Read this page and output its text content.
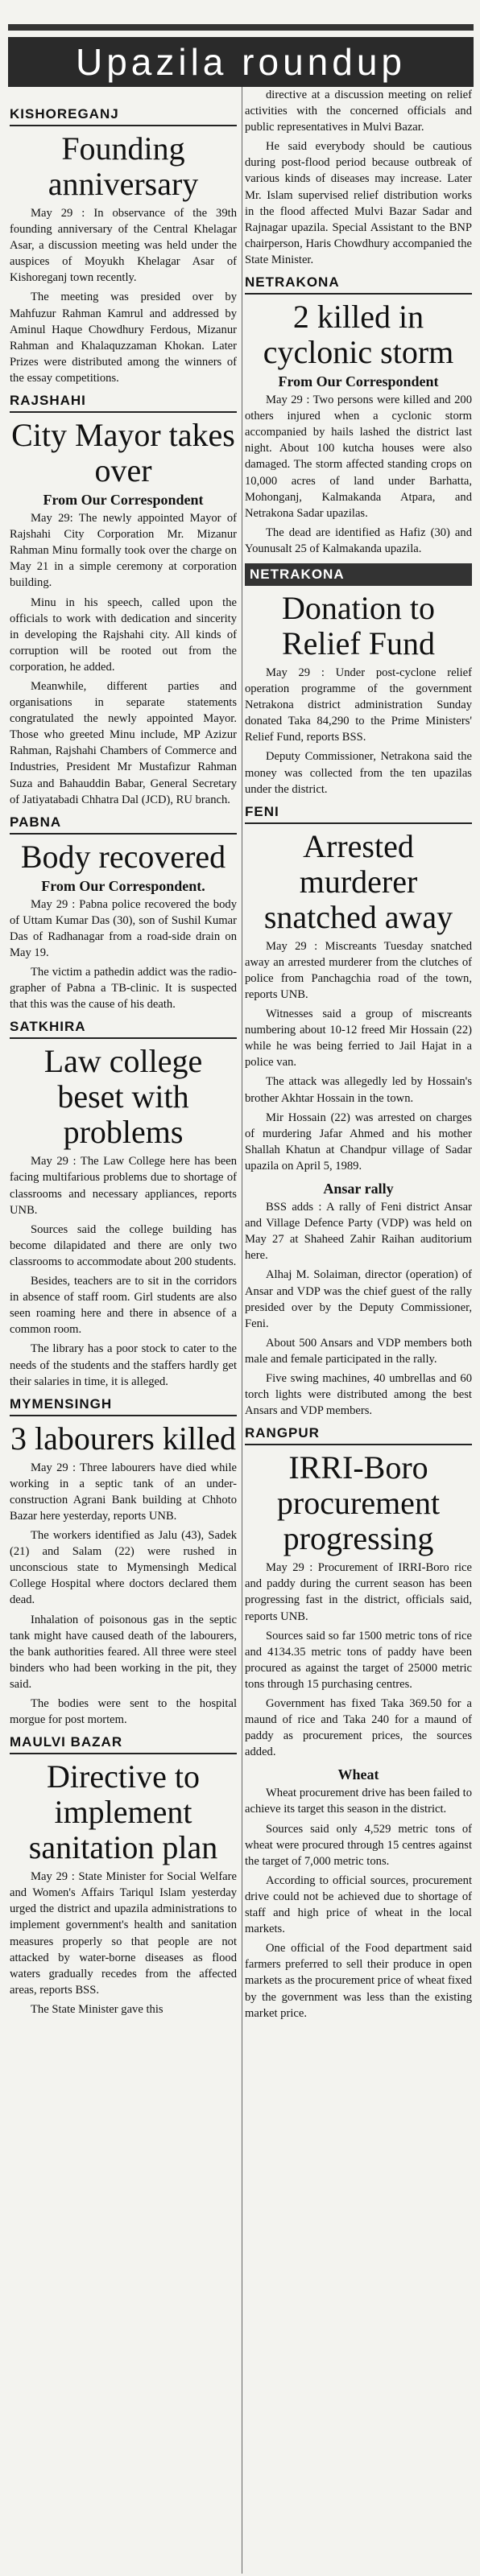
Upazila roundup
KISHOREGANJ
Founding anniversary

May 29 : In observance of the 39th founding anniversary of the Central Khelagar Asar, a discussion meeting was held under the auspices of Moyukh Khelagar Asar of Kishoreganj town recently.

The meeting was presided over by Mahfuzur Rahman Kamrul and addressed by Aminul Haque Chowdhury Ferdous, Mizanur Rahman and Khalaquzzaman Khokan. Later Prizes were distributed among the winners of the essay competitions.

RAJSHAHI
City Mayor takes over
From Our Correspondent

May 29: The newly appointed Mayor of Rajshahi City Corporation Mr. Mizanur Rahman Minu formally took over the charge on May 21 in a simple ceremony at corporation building.

Minu in his speech, called upon the officials to work with dedication and sincerity in developing the Rajshahi city. All kinds of corruption will be rooted out from the corporation, he added.

Meanwhile, different parties and organisations in separate statements congratulated the newly appointed Mayor. Those who greeted Minu include, MP Azizur Rahman, Rajshahi Chambers of Commerce and Industries, President Mr Mustafizur Rahman Suza and Bahauddin Babar, General Secretary of Jatiyatabadi Chhatra Dal (JCD), RU branch.

PABNA
Body recovered
From Our Correspondent.

May 29 : Pabna police recovered the body of Uttam Kumar Das (30), son of Sushil Kumar Das of Radhanagar from a road-side drain on May 19.

The victim a pathedin addict was the radio-grapher of Pabna a TB-clinic. It is suspected that this was the cause of his death.

SATKHIRA
Law college beset with problems

May 29 : The Law College here has been facing multifarious problems due to shortage of classrooms and necessary appliances, reports UNB.

Sources said the college building has become dilapidated and there are only two classrooms to accommodate about 200 students.

Besides, teachers are to sit in the corridors in absence of staff room. Girl students are also seen roaming here and there in absence of a common room.

The library has a poor stock to cater to the needs of the students and the staffers hardly get their salaries in time, it is alleged.

MYMENSINGH
3 labourers killed

May 29 : Three labourers have died while working in a septic tank of an under-construction Agrani Bank building at Chhoto Bazar here yesterday, reports UNB.

The workers identified as Jalu (43), Sadek (21) and Salam (22) were rushed in unconscious state to Mymensingh Medical College Hospital where doctors declared them dead.

Inhalation of poisonous gas in the septic tank might have caused death of the labourers, the bank authorities feared. All three were steel binders who had been working in the pit, they said.

The bodies were sent to the hospital morgue for post mortem.

MAULVI BAZAR
Directive to implement sanitation plan

May 29 : State Minister for Social Welfare and Women's Affairs Tariqul Islam yesterday urged the district and upazila administrations to implement government's health and sanitation measures properly so that people are not attacked by water-borne diseases as flood waters gradually recedes from the affected areas, reports BSS.

The State Minister gave this

directive at a discussion meeting on relief activities with the concerned officials and public representatives in Mulvi Bazar.

He said everybody should be cautious during post-flood period because outbreak of various kinds of diseases may increase. Later Mr. Islam supervised relief distribution works in the flood affected Mulvi Bazar Sadar and Rajnagar upazila. Special Assistant to the BNP chairperson, Haris Chowdhury accompanied the State Minister.

NETRAKONA
2 killed in cyclonic storm
From Our Correspondent

May 29 : Two persons were killed and 200 others injured when a cyclonic storm accompanied by hails lashed the district last night. About 100 kutcha houses were also damaged. The storm affected standing crops on 10,000 acres of land under Barhatta, Mohonganj, Kalmakanda Atpara, and Netrakona Sadar upazilas.

The dead are identified as Hafiz (30) and Younusalt 25 of Kalmakanda upazila.

NETRAKONA
Donation to Relief Fund

May 29 : Under post-cyclone relief operation programme of the government Netrakona district administration Sunday donated Taka 84,290 to the Prime Ministers' Relief Fund, reports BSS.

Deputy Commissioner, Netrakona said the money was collected from the ten upazilas under the district.

FENI
Arrested murderer snatched away

May 29 : Miscreants Tuesday snatched away an arrested murderer from the clutches of police from Panchagchia road of the town, reports UNB.

Witnesses said a group of miscreants numbering about 10-12 freed Mir Hossain (22) while he was being ferried to Jail Hajat in a police van.

The attack was allegedly led by Hossain's brother Akhtar Hossain in the town.

Mir Hossain (22) was arrested on charges of murdering Jafar Ahmed and his mother Shallah Khatun at Chandpur village of Sadar upazila on April 5, 1989.

Ansar rally

BSS adds : A rally of Feni district Ansar and Village Defence Party (VDP) was held on May 27 at Shaheed Zahir Raihan auditorium here.

Alhaj M. Solaiman, director (operation) of Ansar and VDP was the chief guest of the rally presided over by the Deputy Commissioner, Feni.

About 500 Ansars and VDP members both male and female participated in the rally.

Five swing machines, 40 umbrellas and 60 torch lights were distributed among the best Ansars and VDP members.

RANGPUR
IRRI-Boro procurement progressing

May 29 : Procurement of IRRI-Boro rice and paddy during the current season has been progressing fast in the district, officials said, reports UNB.

Sources said so far 1500 metric tons of rice and 4134.35 metric tons of paddy have been procured as against the target of 25000 metric tons through 15 purchasing centres.

Government has fixed Taka 369.50 for a maund of rice and Taka 240 for a maund of paddy as procurement prices, the sources added.

Wheat

Wheat procurement drive has been failed to achieve its target this season in the district.

Sources said only 4,529 metric tons of wheat were procured through 15 centres against the target of 7,000 metric tons.

According to official sources, procurement drive could not be achieved due to shortage of staff and high price of wheat in the local markets.

One official of the Food department said farmers preferred to sell their produce in open markets as the procurement price of wheat fixed by the government was less than the existing market price.
